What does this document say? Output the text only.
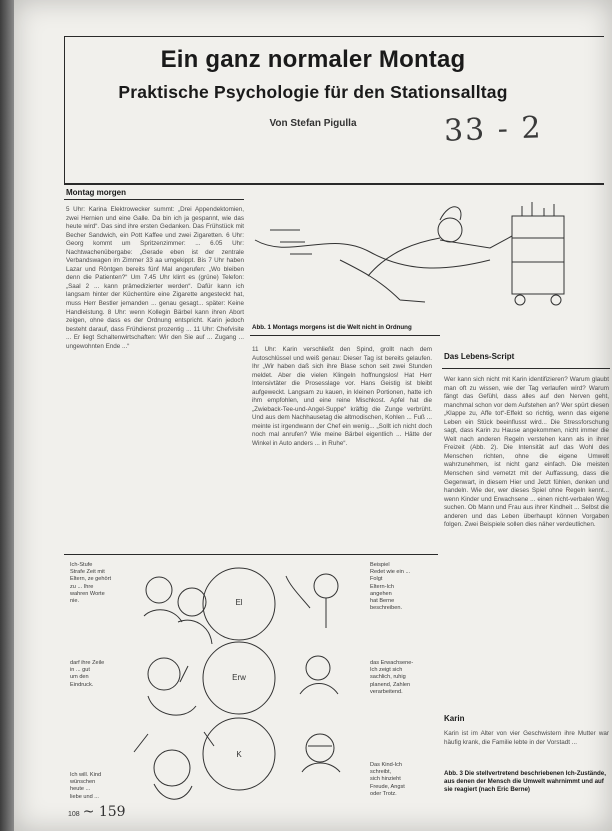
Ein ganz normaler Montag
Praktische Psychologie für den Stationsalltag
Von Stefan Pigulla	33 - 2
Montag morgen

5 Uhr: Karina Elektrowecker summt: „Drei Appendektomien, zwei Hernien und eine Galle. Da bin ich ja gespannt, wie das heute wird“. Das sind ihre ersten Gedanken. Das Frühstück mit Becher Sandwich, ein Pott Kaffee und zwei Zigaretten. 6 Uhr: Georg kommt um Spritzenzimmer: ... 6.05 Uhr: Nachtwachenübergabe: „Gerade eben ist der zentrale Verbandswagen im Zimmer 33 aa umgekippt. Bis 7 Uhr haben Lazar und Röntgen bereits fünf Mal angerufen: „Wo bleiben denn die Patienten?“ Um 7.45 Uhr klirrt es (grüne) Telefon: „Saal 2 ... kann prämedizierter werden“. Dafür kann ich langsam hinter der Küchentüre eine Zigarette angesteckt hat, muss Herr Bestler jemanden ... genau gesagt... später: Keine Handleistung. 8 Uhr: wenn Kollegin Bärbel kann ihren Abort zeigen, ohne dass es der Ordnung entspricht. Karin jedoch besteht darauf, dass Frühdienst prozentig ... 11 Uhr: Chefvisite ... Er liegt Schaltenwirtschaften: Wir den Sie auf ... Zugang ... ungewohnten Ende ...“

Abb. 1 Montags morgens ist die Welt nicht in Ordnung

11 Uhr: Karin verschließt den Spind, grollt nach dem Autoschlüssel und weiß genau: Dieser Tag ist bereits gelaufen. Ihr „Wir haben daß sich ihre Blase schon seit zwei Stunden meldet. Aber die vielen Klingeln hoffnungslos! Hat Herr Intensivtäter die Prosesslage vor. Hans Geistig ist bleibt aufgeweckt. Langsam zu kauen, in kleinen Portionen, hatte ich ihm empfohlen, und eine reine Mischkost. Apfel hat die „Zwieback-Tee-und-Angel-Suppe“ kräftig die Zunge verbrüht. Und aus dem Nachhausetag die altmodischen, Kohlen ... Fuß ... meinte ist irgendwann der Chef ein wenig... „Sollt ich nicht doch noch mal anrufen? Wie meine Bärbel eigentlich ... Hätte der Winkel in Auto anders ... in Ruhe“.

Das Lebens-Script

Wer kann sich nicht mit Karin identifizieren? Warum glaubt man oft zu wissen, wie der Tag verlaufen wird? Warum fängt das Gefühl, dass alles auf den Nerven geht, manchmal schon vor dem Aufstehen an? Wer spürt diesen „Klappe zu, Affe tot“-Effekt so richtig, wenn das eigene Leben ein Stück beeinflusst wird... Die Stressforschung sagt, dass Karin zu Hause angekommen, nicht immer die Welt nach anderen Regeln verstehen kann als in ihrer Freizeit (Abb. 2). Die Intensität auf das Wohl des Menschen richten, ohne die eigene Umwelt wahrzunehmen, ist nicht ganz einfach. Die meisten Menschen sind vernetzt mit der Auffassung, dass die Gegenwart, in diesem Hier und Jetzt fühlen, denken und handeln. Wie der, wer dieses Spiel ohne Regeln kennt... wenn Kinder und Erwachsene ... einen nicht-verbalen Weg suchen. Ob Mann und Frau aus ihrer Kindheit ... Selbst die anderen und das Leben überhaupt können Vorgaben folgen. Zwei Beispiele sollen dies näher verdeutlichen.

Karin

Karin ist im Alter von vier Geschwistern ihre Mutter war häufig krank, die Familie lebte in der Vorstadt ...

Abb. 3 Die stellvertretend beschriebenen Ich-Zustände, aus denen der Mensch die Umwelt wahrnimmt und auf sie reagiert (nach Eric Berne)
El
Erw
K
Ich-Stufe
Strafe Zeit mit
Eltern, ze gehört
zu ... Ihre
wahren Worte
nie.
darf ihre Zeile
in ... gut
um den
Eindruck.
Ich will. Kind
wünschen
heute ...
liebe und ...
Beispiel
Redet wie ein ...
Folgt
Eltern-Ich
angehen
hat Berne
beschreiben.
das Erwachsene-
Ich zeigt sich
sachlich, ruhig
planend, Zahlen
verarbeitend.
Das Kind-Ich
schreibt,
sich hinzieht
Freude, Angst
oder Trotz.
108 ~ 159
